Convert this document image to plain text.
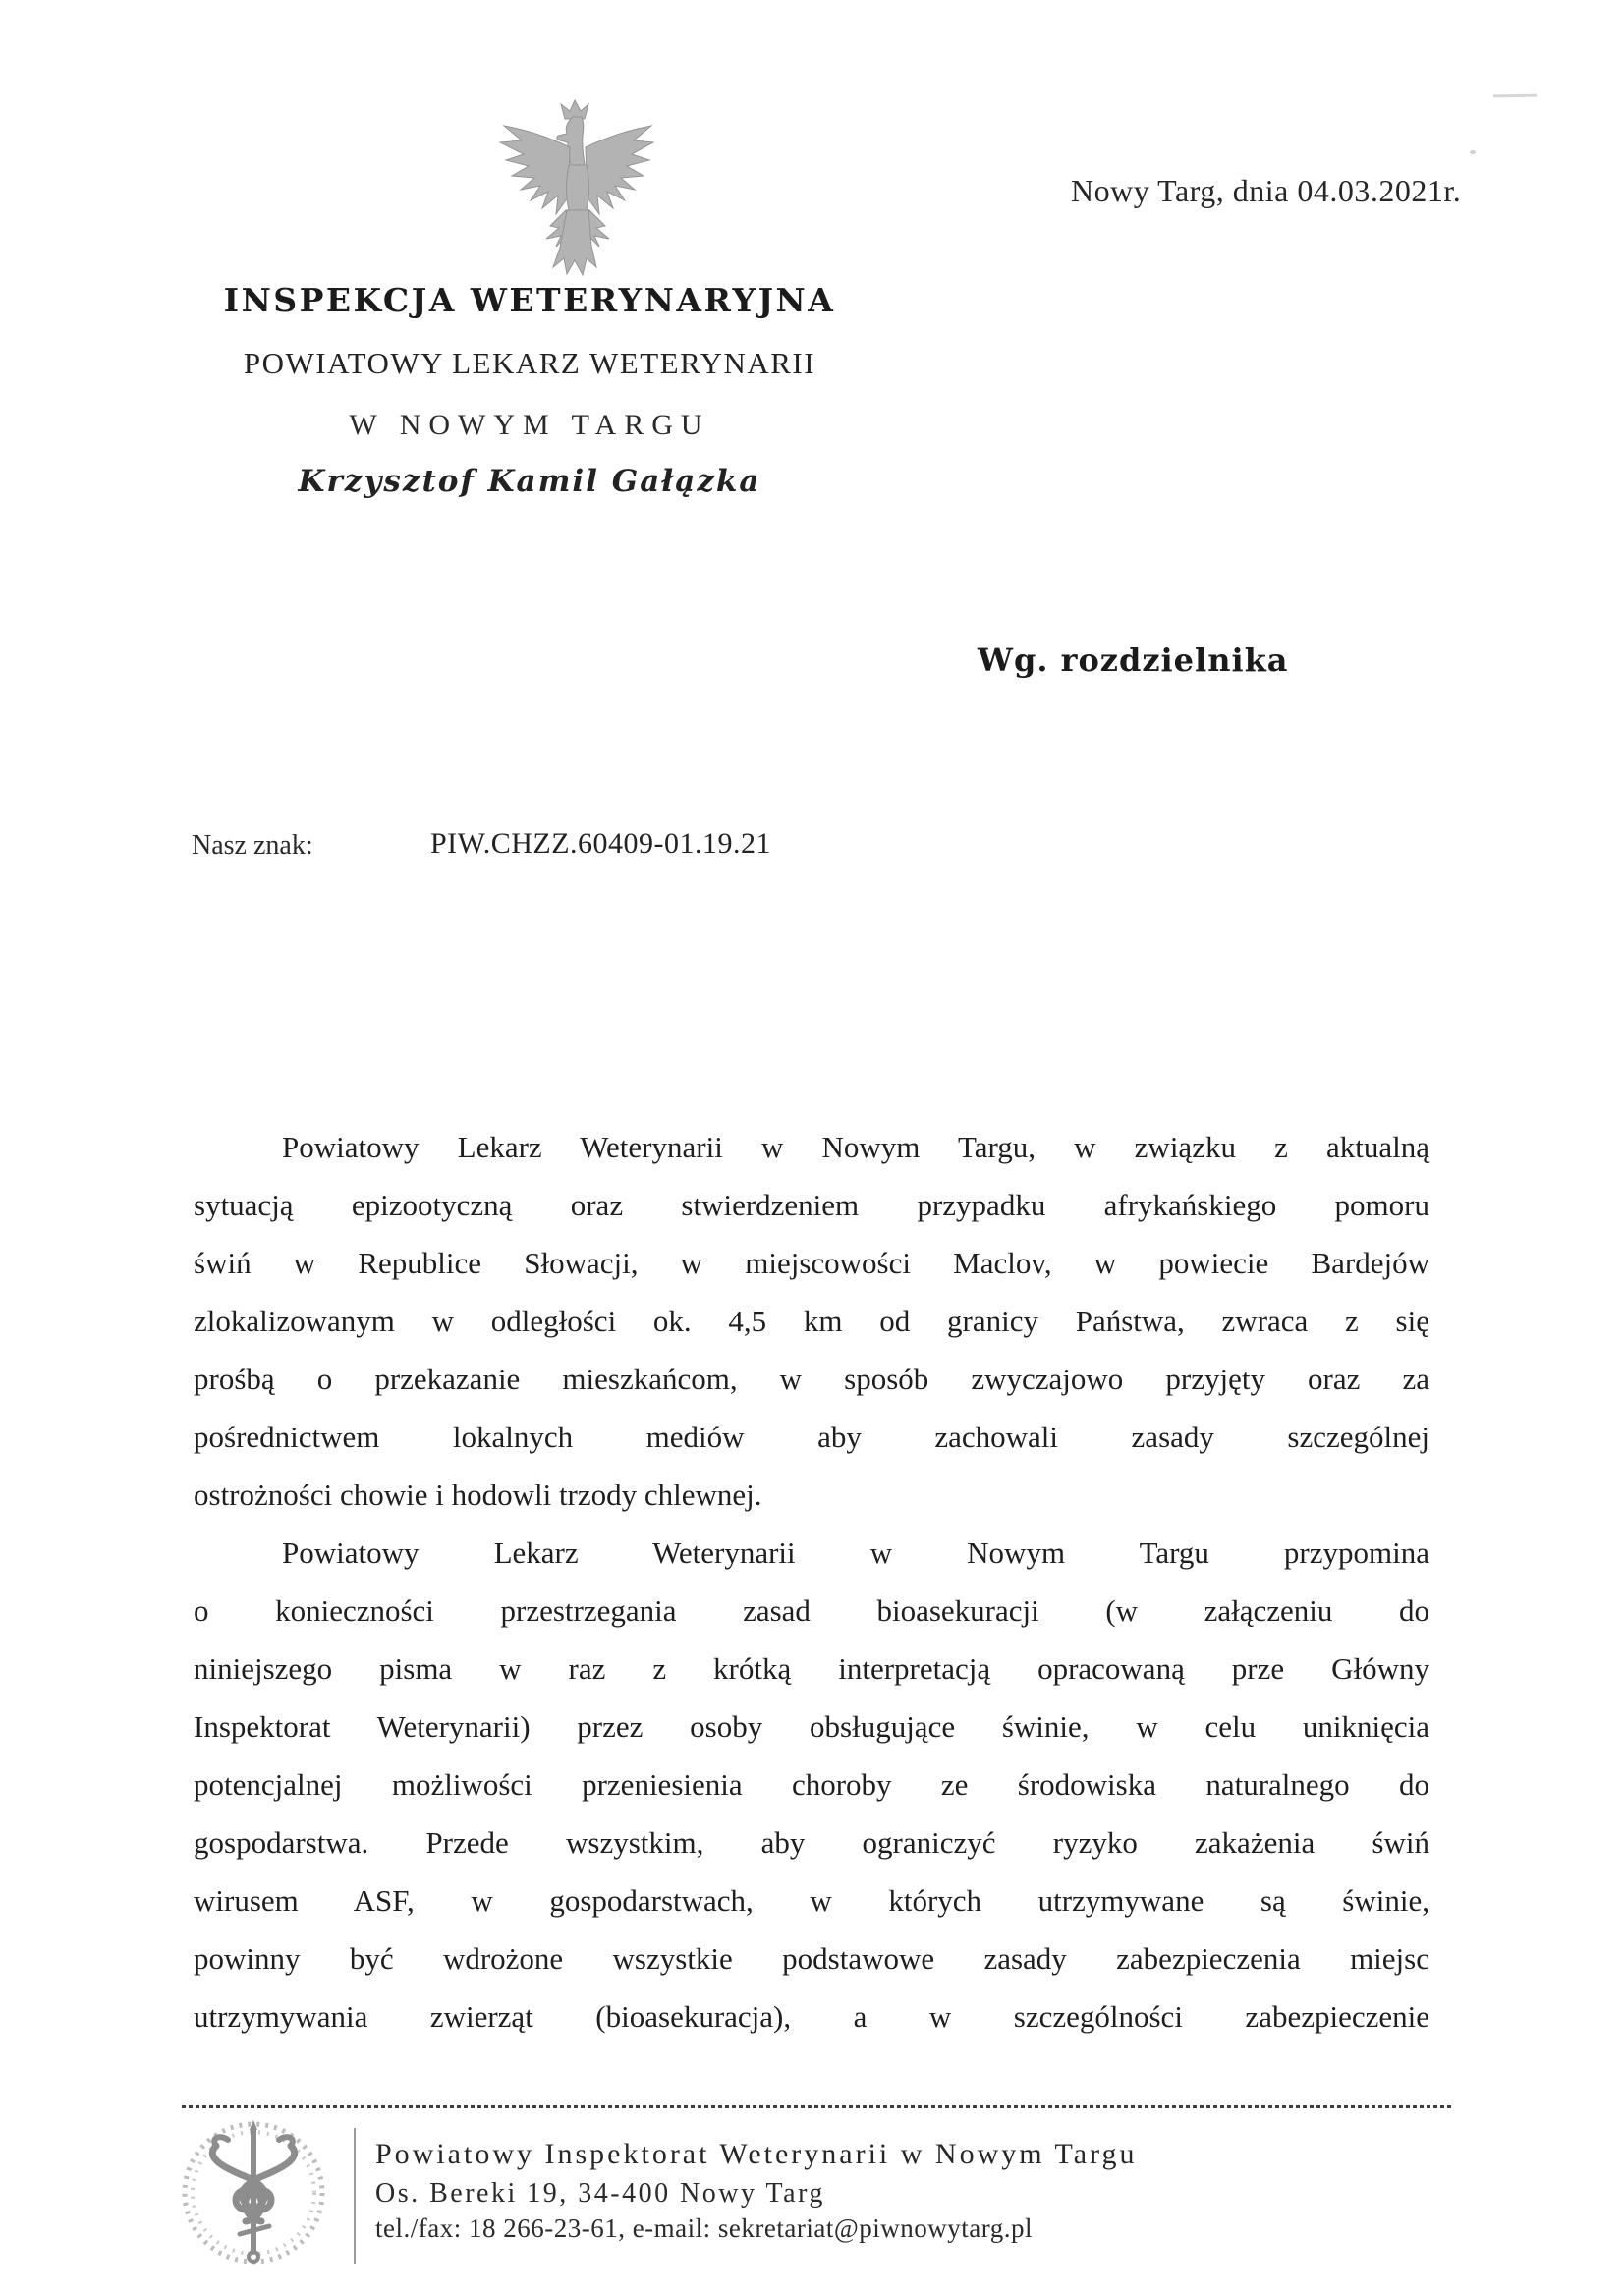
Nowy Targ, dnia 04.03.2021r.
INSPEKCJA WETERYNARYJNA
POWIATOWY LEKARZ WETERYNARII
W NOWYM TARGU
Krzysztof Kamil Gałązka
Wg. rozdzielnika
Nasz znak:	PIW.CHZZ.60409-01.19.21
Powiatowy Lekarz Weterynarii w Nowym Targu, w związku z aktualną
sytuacją epizootyczną oraz stwierdzeniem przypadku afrykańskiego pomoru
świń w Republice Słowacji, w miejscowości Maclov, w powiecie Bardejów
zlokalizowanym w odległości ok. 4,5 km od granicy Państwa, zwraca z się
prośbą o przekazanie mieszkańcom, w sposób zwyczajowo przyjęty oraz za
pośrednictwem lokalnych mediów aby zachowali zasady szczególnej
ostrożności chowie i hodowli trzody chlewnej.
Powiatowy Lekarz Weterynarii w Nowym Targu przypomina
o konieczności przestrzegania zasad bioasekuracji (w załączeniu do
niniejszego pisma w raz z krótką interpretacją opracowaną prze Główny
Inspektorat Weterynarii) przez osoby obsługujące świnie, w celu uniknięcia
potencjalnej możliwości przeniesienia choroby ze środowiska naturalnego do
gospodarstwa. Przede wszystkim, aby ograniczyć ryzyko zakażenia świń
wirusem ASF, w gospodarstwach, w których utrzymywane są świnie,
powinny być wdrożone wszystkie podstawowe zasady zabezpieczenia miejsc
utrzymywania zwierząt (bioasekuracja), a w szczególności zabezpieczenie
Powiatowy Inspektorat Weterynarii w Nowym Targu
Os. Bereki 19, 34-400 Nowy Targ
tel./fax: 18 266-23-61, e-mail: sekretariat@piwnowytarg.pl
